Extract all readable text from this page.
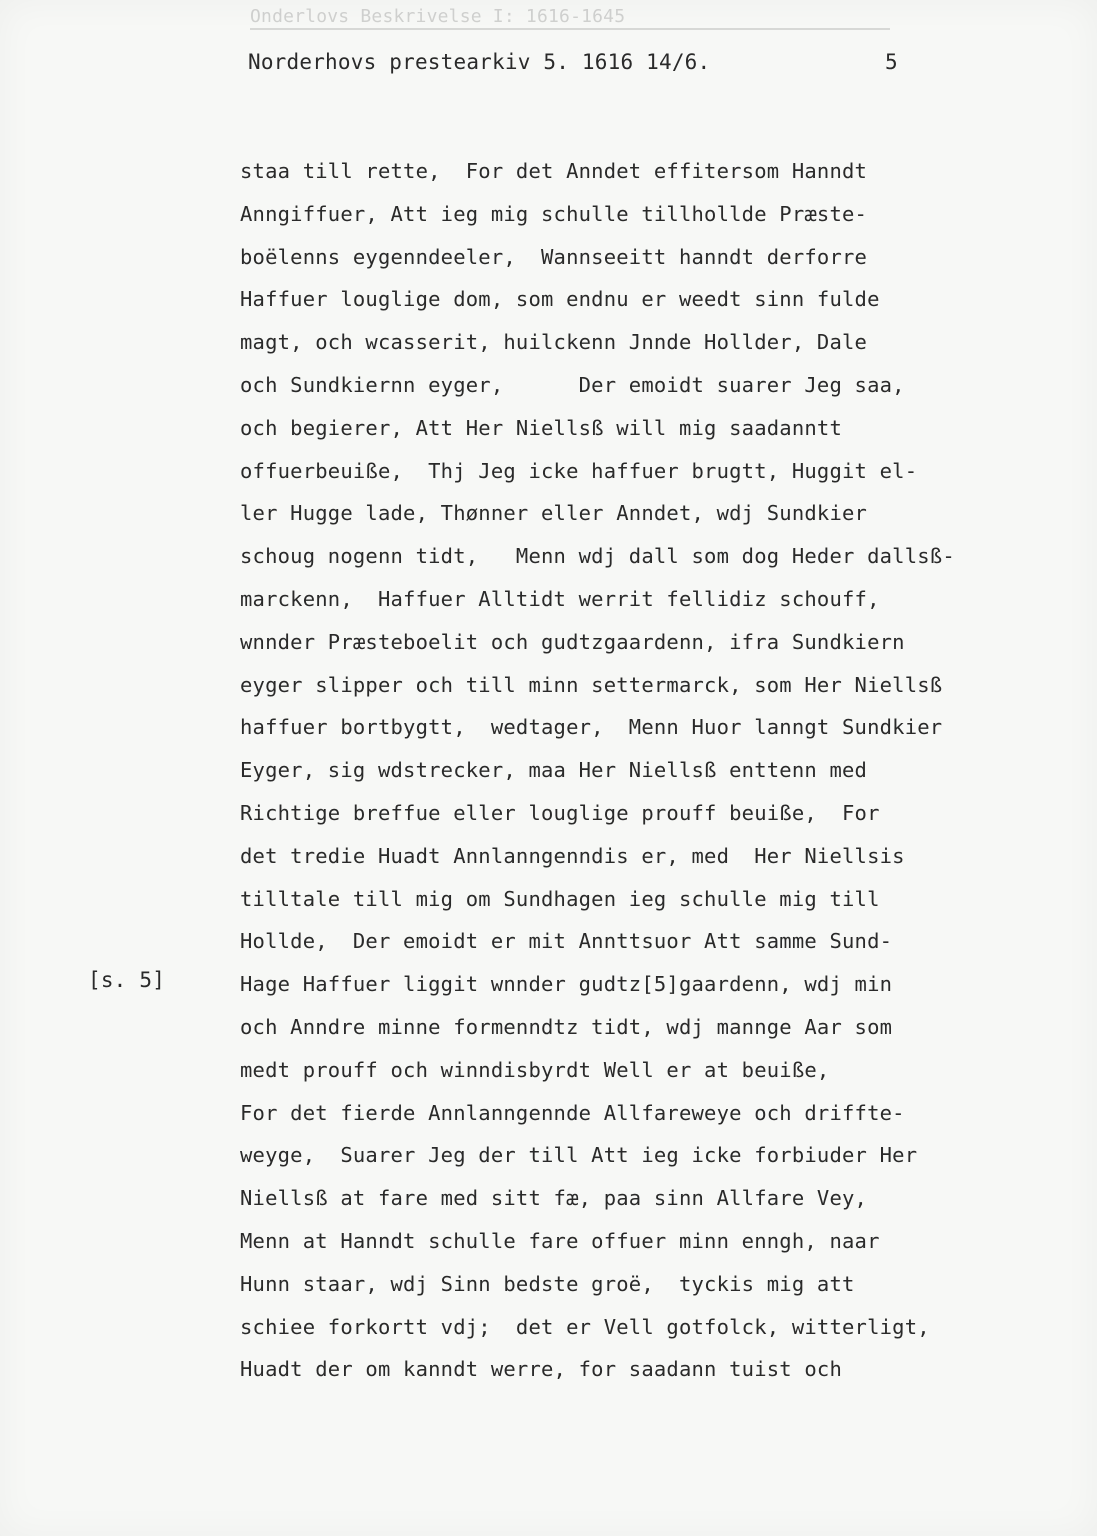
Onderlovs Beskrivelse I: 1616-1645
Norderhovs prestearkiv 5. 1616 14/6.	5
[s. 5]
staa till rette,  For det Anndet effitersom Hanndt
Anngiffuer, Att ieg mig schulle tillhollde Præste-
boëlenns eygenndeeler,  Wannseeitt hanndt derforre
Haffuer louglige dom, som endnu er weedt sinn fulde
magt, och wcasserit, huilckenn Jnnde Hollder, Dale
och Sundkiernn eyger,      Der emoidt suarer Jeg saa,
och begierer, Att Her Niellsß will mig saadanntt
offuerbeuiße,  Thj Jeg icke haffuer brugtt, Huggit el-
ler Hugge lade, Thønner eller Anndet, wdj Sundkier
schoug nogenn tidt,   Menn wdj dall som dog Heder dallsß-
marckenn,  Haffuer Alltidt werrit fellidiz schouff,
wnnder Præsteboelit och gudtzgaardenn, ifra Sundkiern
eyger slipper och till minn settermarck, som Her Niellsß
haffuer bortbygtt,  wedtager,  Menn Huor lanngt Sundkier
Eyger, sig wdstrecker, maa Her Niellsß enttenn med
Richtige breffue eller louglige prouff beuiße,  For
det tredie Huadt Annlanngenndis er, med  Her Niellsis
tilltale till mig om Sundhagen ieg schulle mig till
Hollde,  Der emoidt er mit Annttsuor Att samme Sund-
Hage Haffuer liggit wnnder gudtz[5]gaardenn, wdj min
och Anndre minne formenndtz tidt, wdj mannge Aar som
medt prouff och winndisbyrdt Well er at beuiße,
For det fierde Annlanngennde Allfareweye och driffte-
weyge,  Suarer Jeg der till Att ieg icke forbiuder Her
Niellsß at fare med sitt fæ, paa sinn Allfare Vey,
Menn at Hanndt schulle fare offuer minn enngh, naar
Hunn staar, wdj Sinn bedste groë,  tyckis mig att
schiee forkortt vdj;  det er Vell gotfolck, witterligt,
Huadt der om kanndt werre, for saadann tuist och
